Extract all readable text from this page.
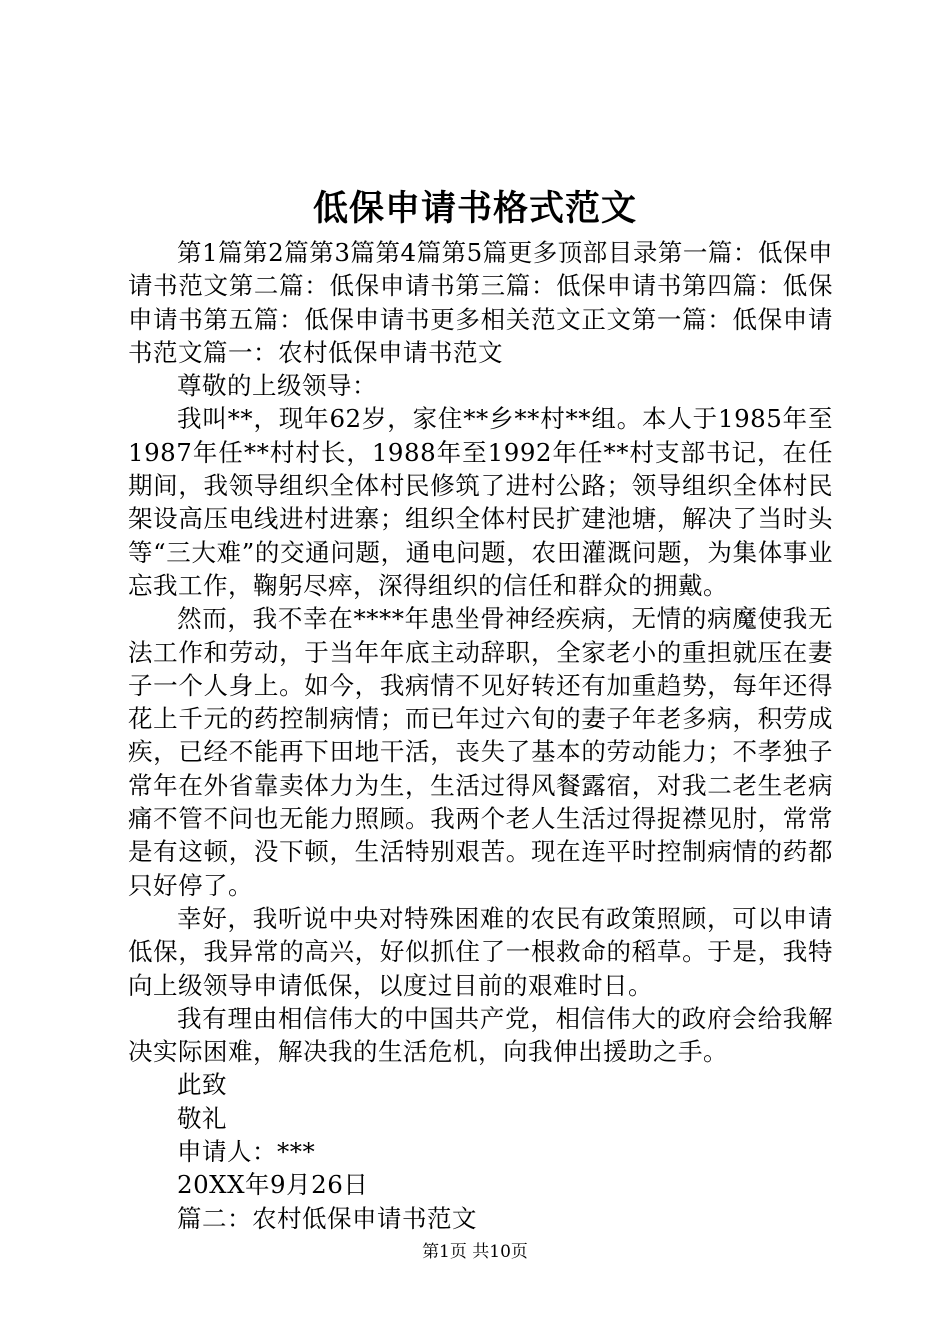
低保申请书格式范文

第1篇第2篇第3篇第4篇第5篇更多顶部目录第一篇：低保申请书范文第二篇：低保申请书第三篇：低保申请书第四篇：低保申请书第五篇：低保申请书更多相关范文正文第一篇：低保申请书范文篇一：农村低保申请书范文

尊敬的上级领导：

我叫**，现年62岁，家住**乡**村**组。本人于1985年至1987年任**村村长，1988年至1992年任**村支部书记，在任期间，我领导组织全体村民修筑了进村公路；领导组织全体村民架设高压电线进村进寨；组织全体村民扩建池塘，解决了当时头等“三大难”的交通问题，通电问题，农田灌溉问题，为集体事业忘我工作，鞠躬尽瘁，深得组织的信任和群众的拥戴。

然而，我不幸在****年患坐骨神经疾病，无情的病魔使我无法工作和劳动，于当年年底主动辞职，全家老小的重担就压在妻子一个人身上。如今，我病情不见好转还有加重趋势，每年还得花上千元的药控制病情；而已年过六旬的妻子年老多病，积劳成疾，已经不能再下田地干活，丧失了基本的劳动能力；不孝独子常年在外省靠卖体力为生，生活过得风餐露宿，对我二老生老病痛不管不问也无能力照顾。我两个老人生活过得捉襟见肘，常常是有这顿，没下顿，生活特别艰苦。现在连平时控制病情的药都只好停了。

幸好，我听说中央对特殊困难的农民有政策照顾，可以申请低保，我异常的高兴，好似抓住了一根救命的稻草。于是，我特向上级领导申请低保，以度过目前的艰难时日。

我有理由相信伟大的中国共产党，相信伟大的政府会给我解决实际困难，解决我的生活危机，向我伸出援助之手。

此致

敬礼

申请人：***

20XX年9月26日

篇二：农村低保申请书范文

第1页 共10页
